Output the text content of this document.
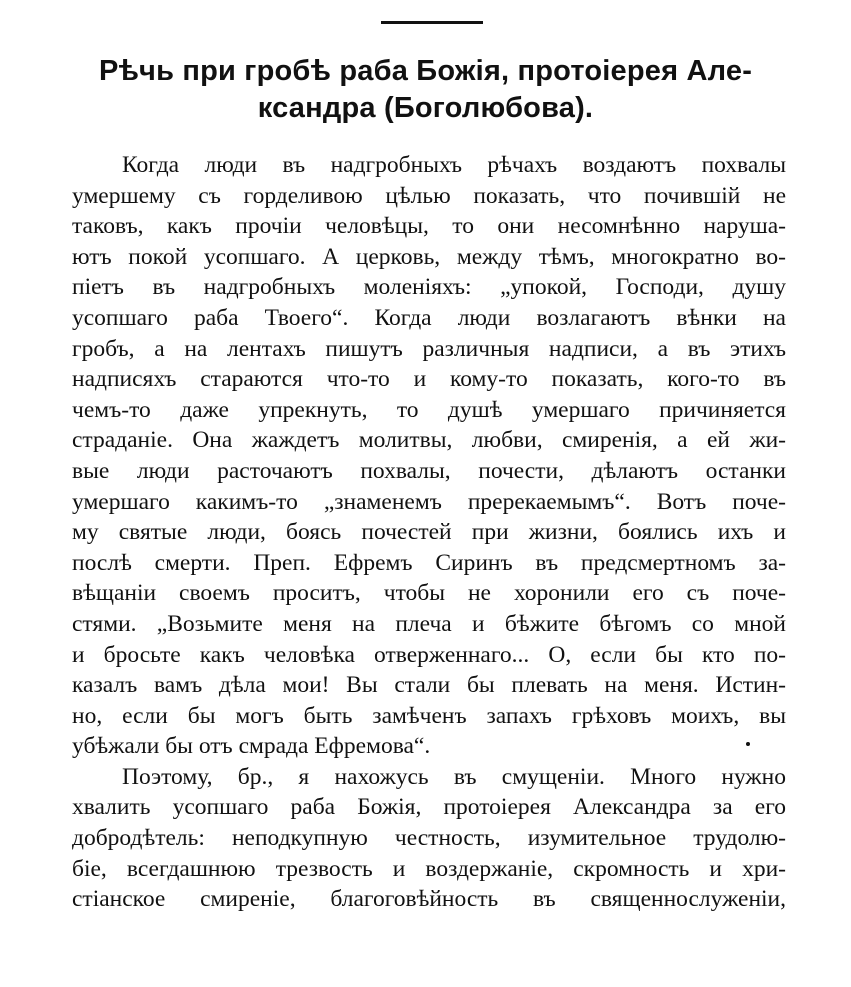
Рѣчь при гробѣ раба Божія, протоіерея Але-
ксандра (Боголюбова).
Когда люди въ надгробныхъ рѣчахъ воздаютъ похвалы
умершему съ горделивою цѣлью показать, что почившій не
таковъ, какъ прочіи человѣцы, то они несомнѣнно наруша-
ютъ покой усопшаго. А церковь, между тѣмъ, многократно во-
піетъ въ надгробныхъ моленіяхъ: „упокой, Господи, душу
усопшаго раба Твоего“. Когда люди возлагаютъ вѣнки на
гробъ, а на лентахъ пишутъ различныя надписи, а въ этихъ
надписяхъ стараются что-то и кому-то показать, кого-то въ
чемъ-то даже упрекнуть, то душѣ умершаго причиняется
страданіе. Она жаждетъ молитвы, любви, смиренія, а ей жи-
вые люди расточаютъ похвалы, почести, дѣлаютъ останки
умершаго какимъ-то „знаменемъ пререкаемымъ“. Вотъ поче-
му святые люди, боясь почестей при жизни, боялись ихъ и
послѣ смерти. Преп. Ефремъ Сиринъ въ предсмертномъ за-
вѣщаніи своемъ проситъ, чтобы не хоронили его съ поче-
стями. „Возьмите меня на плеча и бѣжите бѣгомъ со мной
и бросьте какъ человѣка отверженнаго... О, если бы кто по-
казалъ вамъ дѣла мои! Вы стали бы плевать на меня. Истин-
но, если бы могъ быть замѣченъ запахъ грѣховъ моихъ, вы
убѣжали бы отъ смрада Ефремова“.
Поэтому, бр., я нахожусь въ смущеніи. Много нужно
хвалить усопшаго раба Божія, протоіерея Александра за его
добродѣтель: неподкупную честность, изумительное трудолю-
біе, всегдашнюю трезвость и воздержаніе, скромность и хри-
стіанское смиреніе, благоговѣйность въ священнослуженіи,
